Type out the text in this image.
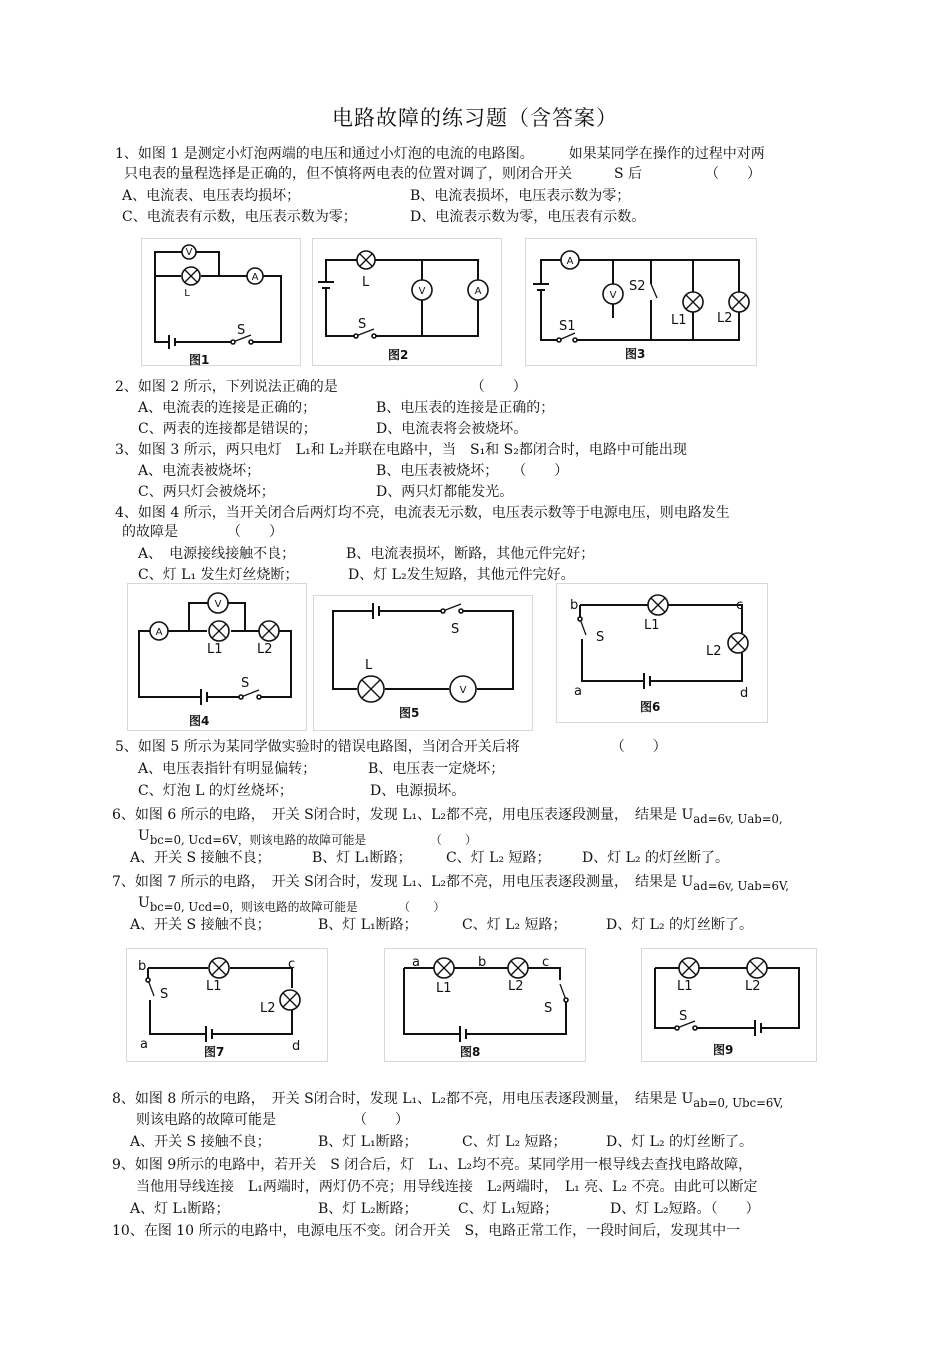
电路故障的练习题（含答案）
1、如图 1 是测定小灯泡两端的电压和通过小灯泡的电流的电路图。　　　如果某同学在操作的过程中对两
只电表的量程选择是正确的，但不慎将两电表的位置对调了，则闭合开关　　　S 后　　　　　（　　）
A、电流表、电压表均损坏；	B、电流表损坏，电压表示数为零；
C、电流表有示数，电压表示数为零；	D、电流表示数为零，电压表有示数。
V
L
A
S
图1
L
V	A
S
图2
A
V
S2
L1 L2
S1
图3
2、如图 2 所示，下列说法正确的是　　　　　　　　　　（　　）
A、电流表的连接是正确的；	B、电压表的连接是正确的；
C、两表的连接都是错误的；	D、电流表将会被烧坏。
3、如图 3 所示，两只电灯　L₁和 L₂并联在电路中，当　S₁和 S₂都闭合时，电路中可能出现
A、电流表被烧坏；	B、电压表被烧坏；　　（　　）
C、两只灯会被烧坏；	D、两只灯都能发光。
4、如图 4 所示，当开关闭合后两灯均不亮，电流表无示数，电压表示数等于电源电压，则电路发生
的故障是　　　　（　　）
A、　电源接线接触不良；	B、电流表损坏，断路，其他元件完好；
C、灯 L₁ 发生灯丝烧断；	D、灯 L₂发生短路，其他元件完好。
A
V
L1	L2
S
图4
L
V
S
图5
L1
L2
S
b	c
a	d
图6
5、如图 5 所示为某同学做实验时的错误电路图，当闭合开关后将　　　　　　　（　　）
A、电压表指针有明显偏转；	B、电压表一定烧坏；
C、灯泡 L 的灯丝烧坏；	D、电源损坏。
6、如图 6 所示的电路，　开关 S闭合时，发现 L₁、L₂都不亮，用电压表逐段测量，　结果是 $U_{ad=6v, Uab=0,}$
$U_{bc=0, Ucd=6V,则该电路的故障可能是 ( )}$
A、开关 S 接触不良；	B、灯 L₁断路； C、灯 L₂ 短路； D、灯 L₂ 的灯丝断了。
7、如图 7 所示的电路，　开关 S闭合时，发现 L₁、L₂都不亮，用电压表逐段测量，　结果是 $U_{ad=6v, Uab=6V,}$
$U_{bc=0, Ucd=0,则该电路的故障可能是 ( )}$
A、开关 S 接触不良；	B、灯 L₁断路；	C、灯 L₂ 短路；	D、灯 L₂ 的灯丝断了。
L1
L2
S
b	c
a	d
图7
L1	L2
S
a	b	c
图8
L1	L2
S
图9
8、如图 8 所示的电路，　开关 S闭合时，发现 L₁、L₂都不亮，用电压表逐段测量，　结果是 $U_{ab=0, Ubc=6V,}$
则该电路的故障可能是　　　　　　（　　）
A、开关 S 接触不良；	B、灯 L₁断路；	C、灯 L₂ 短路；	D、灯 L₂ 的灯丝断了。
9、如图 9所示的电路中，若开关　S 闭合后，灯　L₁、L₂均不亮。某同学用一根导线去查找电路故障，
当他用导线连接　L₁两端时，两灯仍不亮；用导线连接　L₂两端时，　L₁ 亮、L₂ 不亮。由此可以断定
A、灯 L₁断路；	B、灯 L₂断路；	C、灯 L₁短路；	D、灯 L₂短路。（　　）
10、在图 10 所示的电路中，电源电压不变。闭合开关　S，电路正常工作，一段时间后，发现其中一
